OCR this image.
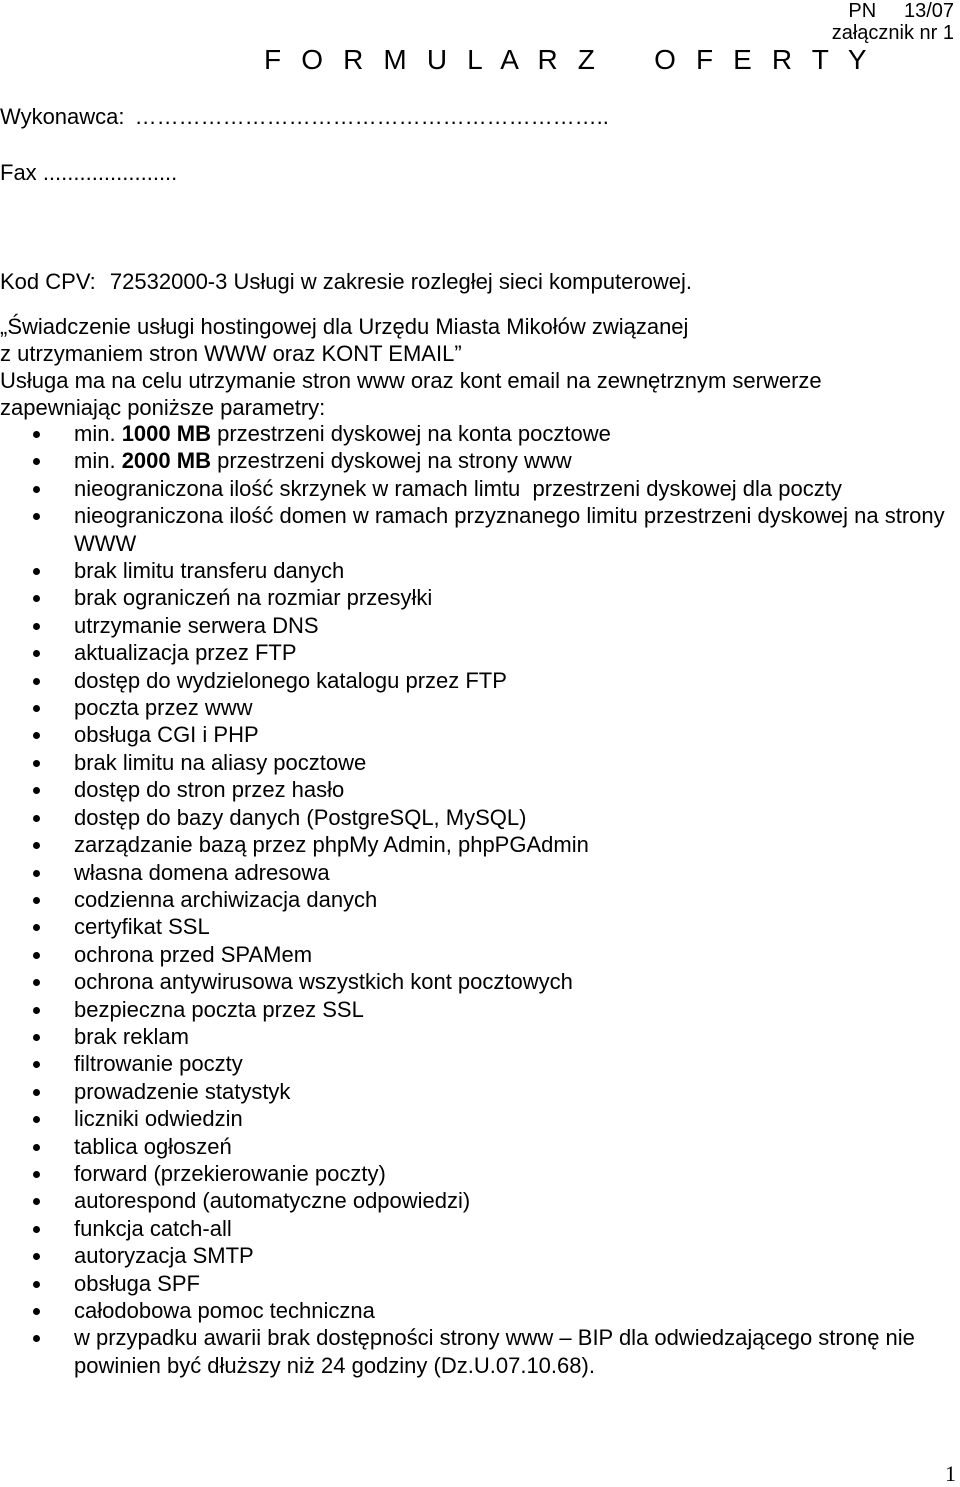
PN     13/07
załącznik nr 1
F O R M U L A R Z   O F E R T Y
Wykonawca: ………………………………………………………..
Fax ......................
Kod CPV: 72532000-3 Usługi w zakresie rozległej sieci komputerowej.
„Świadczenie usługi hostingowej dla Urzędu Miasta Mikołów związanej
z utrzymaniem stron WWW oraz KONT EMAIL”
Usługa ma na celu utrzymanie stron www oraz kont email na zewnętrznym serwerze
zapewniając poniższe parametry:
min. 1000 MB przestrzeni dyskowej na konta pocztowe
min. 2000 MB przestrzeni dyskowej na strony www
nieograniczona ilość skrzynek w ramach limtu  przestrzeni dyskowej dla poczty
nieograniczona ilość domen w ramach przyznanego limitu przestrzeni dyskowej na strony WWW
brak limitu transferu danych
brak ograniczeń na rozmiar przesyłki
utrzymanie serwera DNS
aktualizacja przez FTP
dostęp do wydzielonego katalogu przez FTP
poczta przez www
obsługa CGI i PHP
brak limitu na aliasy pocztowe
dostęp do stron przez hasło
dostęp do bazy danych (PostgreSQL, MySQL)
zarządzanie bazą przez phpMy Admin, phpPGAdmin
własna domena adresowa
codzienna archiwizacja danych
certyfikat SSL
ochrona przed SPAMem
ochrona antywirusowa wszystkich kont pocztowych
bezpieczna poczta przez SSL
brak reklam
filtrowanie poczty
prowadzenie statystyk
liczniki odwiedzin
tablica ogłoszeń
forward (przekierowanie poczty)
autorespond (automatyczne odpowiedzi)
funkcja catch-all
autoryzacja SMTP
obsługa SPF
całodobowa pomoc techniczna
w przypadku awarii brak dostępności strony www – BIP dla odwiedzającego stronę nie powinien być dłuższy niż 24 godziny (Dz.U.07.10.68).
1
